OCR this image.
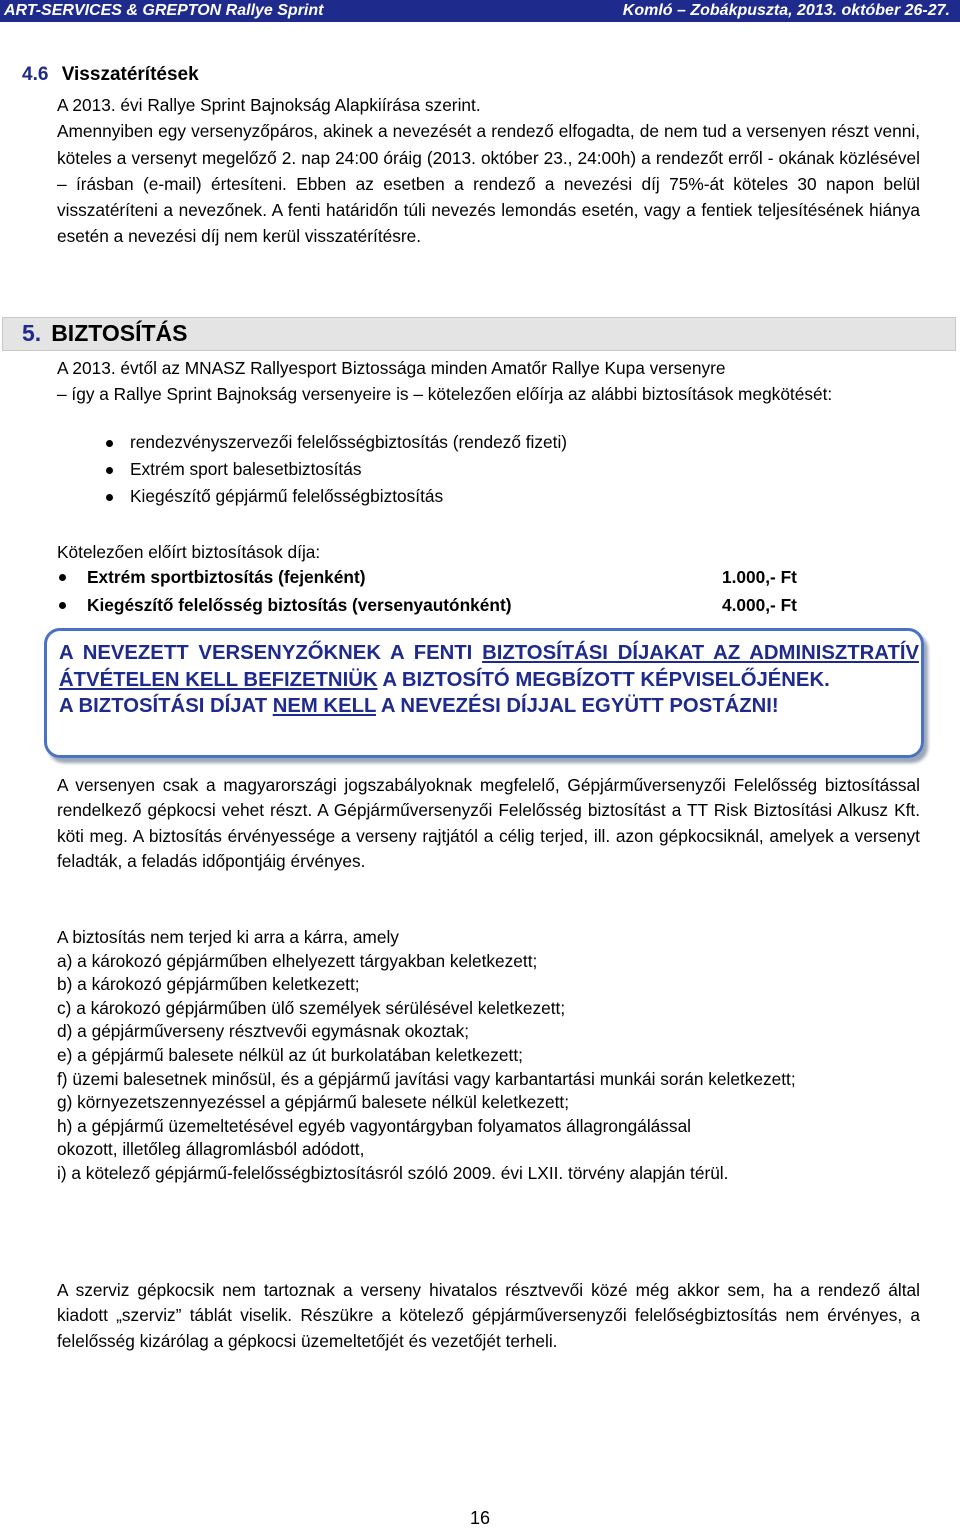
ART-SERVICES & GREPTON Rallye Sprint	Komló – Zobákpuszta, 2013. október 26-27.
4.6 Visszatérítések

A 2013. évi Rallye Sprint Bajnokság Alapkiírása szerint.

Amennyiben egy versenyzőpáros, akinek a nevezését a rendező elfogadta, de nem tud a versenyen részt venni, köteles a versenyt megelőző 2. nap 24:00 óráig (2013. október 23., 24:00h) a rendezőt erről - okának közlésével – írásban (e-mail) értesíteni. Ebben az esetben a rendező a nevezési díj 75%-át köteles 30 napon belül visszatéríteni a nevezőnek. A fenti határidőn túli nevezés lemondás esetén, vagy a fentiek teljesítésének hiánya esetén a nevezési díj nem kerül visszatérítésre.

5. BIZTOSÍTÁS

A 2013. évtől az MNASZ Rallyesport Biztossága minden Amatőr Rallye Kupa versenyre

– így a Rallye Sprint Bajnokság versenyeire is – kötelezően előírja az alábbi biztosítások megkötését:

rendezvényszervezői felelősségbiztosítás (rendező fizeti)
Extrém sport balesetbiztosítás
Kiegészítő gépjármű felelősségbiztosítás
Kötelezően előírt biztosítások díja:
Extrém sportbiztosítás (fejenként)	1.000,- Ft
Kiegészítő felelősség biztosítás (versenyautónként)	4.000,- Ft

A NEVEZETT VERSENYZŐKNEK A FENTI BIZTOSÍTÁSI DÍJAKAT AZ ADMINISZTRATÍV ÁTVÉTELEN KELL BEFIZETNIÜK A BIZTOSÍTÓ MEGBÍZOTT KÉPVISELŐJÉNEK.

A BIZTOSÍTÁSI DÍJAT NEM KELL A NEVEZÉSI DÍJJAL EGYÜTT POSTÁZNI!

A versenyen csak a magyarországi jogszabályoknak megfelelő, Gépjárműversenyzői Felelősség biztosítással rendelkező gépkocsi vehet részt. A Gépjárműversenyzői Felelősség biztosítást a TT Risk Biztosítási Alkusz Kft. köti meg. A biztosítás érvényessége a verseny rajtjától a célig terjed, ill. azon gépkocsiknál, amelyek a versenyt feladták, a feladás időpontjáig érvényes.

A biztosítás nem terjed ki arra a kárra, amely

a) a károkozó gépjárműben elhelyezett tárgyakban keletkezett;

b) a károkozó gépjárműben keletkezett;

c) a károkozó gépjárműben ülő személyek sérülésével keletkezett;

d) a gépjárműverseny résztvevői egymásnak okoztak;

e) a gépjármű balesete nélkül az út burkolatában keletkezett;

f) üzemi balesetnek minősül, és a gépjármű javítási vagy karbantartási munkái során keletkezett;

g) környezetszennyezéssel a gépjármű balesete nélkül keletkezett;

h) a gépjármű üzemeltetésével egyéb vagyontárgyban folyamatos állagrongálással okozott, illetőleg állagromlásból adódott,

i) a kötelező gépjármű-felelősségbiztosításról szóló 2009. évi LXII. törvény alapján térül.

A szerviz gépkocsik nem tartoznak a verseny hivatalos résztvevői közé még akkor sem, ha a rendező által kiadott „szerviz” táblát viselik. Részükre a kötelező gépjárműversenyzői felelőségbiztosítás nem érvényes, a felelősség kizárólag a gépkocsi üzemeltetőjét és vezetőjét terheli.

16
